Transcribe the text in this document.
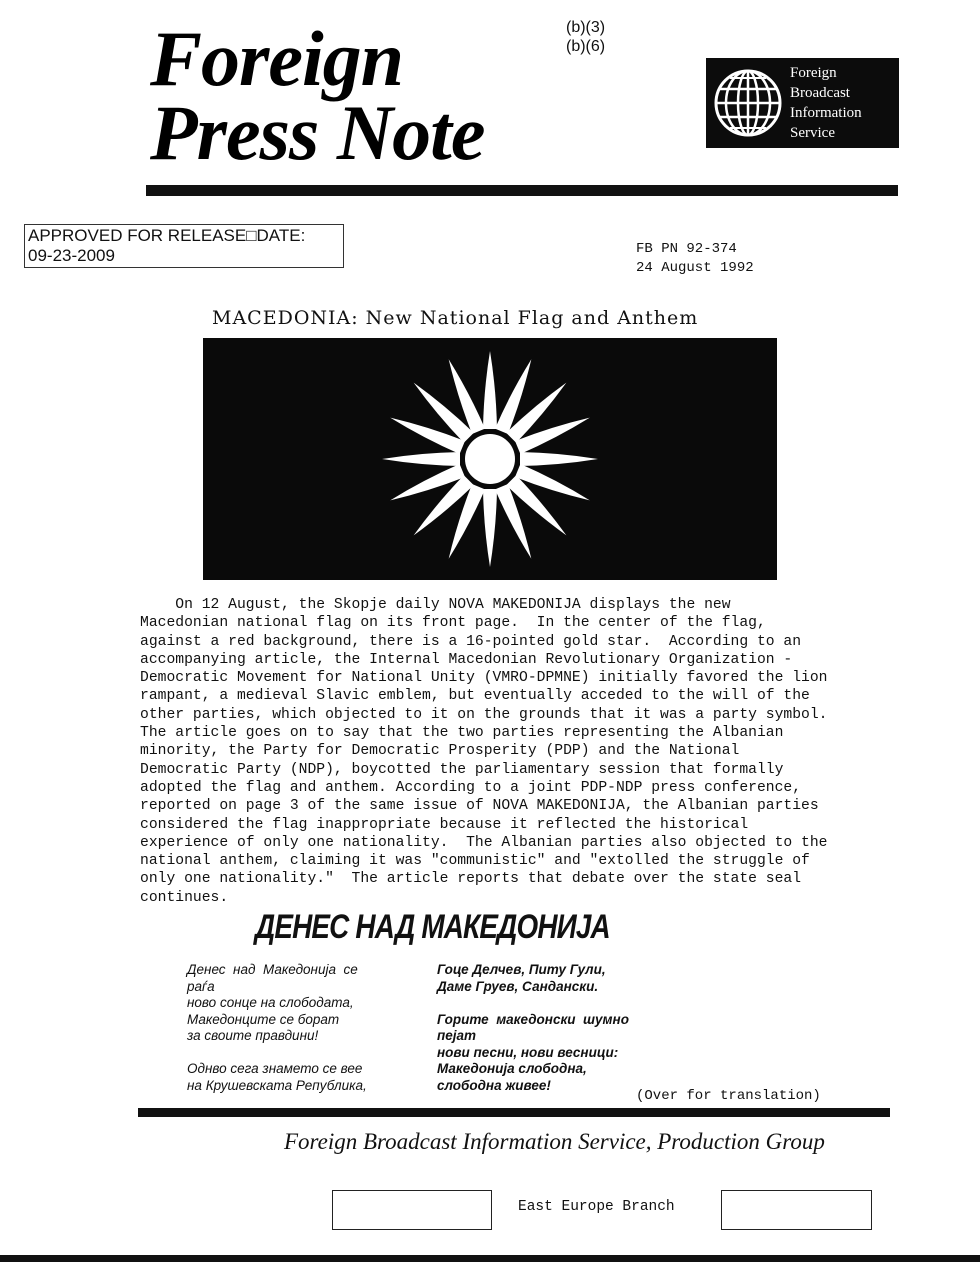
Foreign
Press Note
(b)(3)
(b)(6)
Foreign
Broadcast
Information
Service
APPROVED FOR RELEASE□DATE:
09-23-2009	FB PN 92-374
24 August 1992
MACEDONIA: New National Flag and Anthem
On 12 August, the Skopje daily NOVA MAKEDONIJA displays the new
Macedonian national flag on its front page.  In the center of the flag,
against a red background, there is a 16-pointed gold star.  According to an
accompanying article, the Internal Macedonian Revolutionary Organization -
Democratic Movement for National Unity (VMRO-DPMNE) initially favored the lion
rampant, a medieval Slavic emblem, but eventually acceded to the will of the
other parties, which objected to it on the grounds that it was a party symbol.
The article goes on to say that the two parties representing the Albanian
minority, the Party for Democratic Prosperity (PDP) and the National
Democratic Party (NDP), boycotted the parliamentary session that formally
adopted the flag and anthem. According to a joint PDP-NDP press conference,
reported on page 3 of the same issue of NOVA MAKEDONIJA, the Albanian parties
considered the flag inappropriate because it reflected the historical
experience of only one nationality.  The Albanian parties also objected to the
national anthem, claiming it was "communistic" and "extolled the struggle of
only one nationality."  The article reports that debate over the state seal
continues.
ДЕНЕС НАД МАКЕДОНИЈА
Денес  над  Македонија  се
раѓа
ново сонце на слободата,
Македонците се борат
за своите правдини!

Однво сега знамето се вее
на Крушевската Република,
Гоце Делчев, Питу Гули,
Даме Груев, Сандански.

Горите  македонски  шумно
пејат
нови песни, нови весници:
Македонија слободна,
слободна живее!
(Over for translation)
Foreign Broadcast Information Service, Production Group
East Europe Branch
